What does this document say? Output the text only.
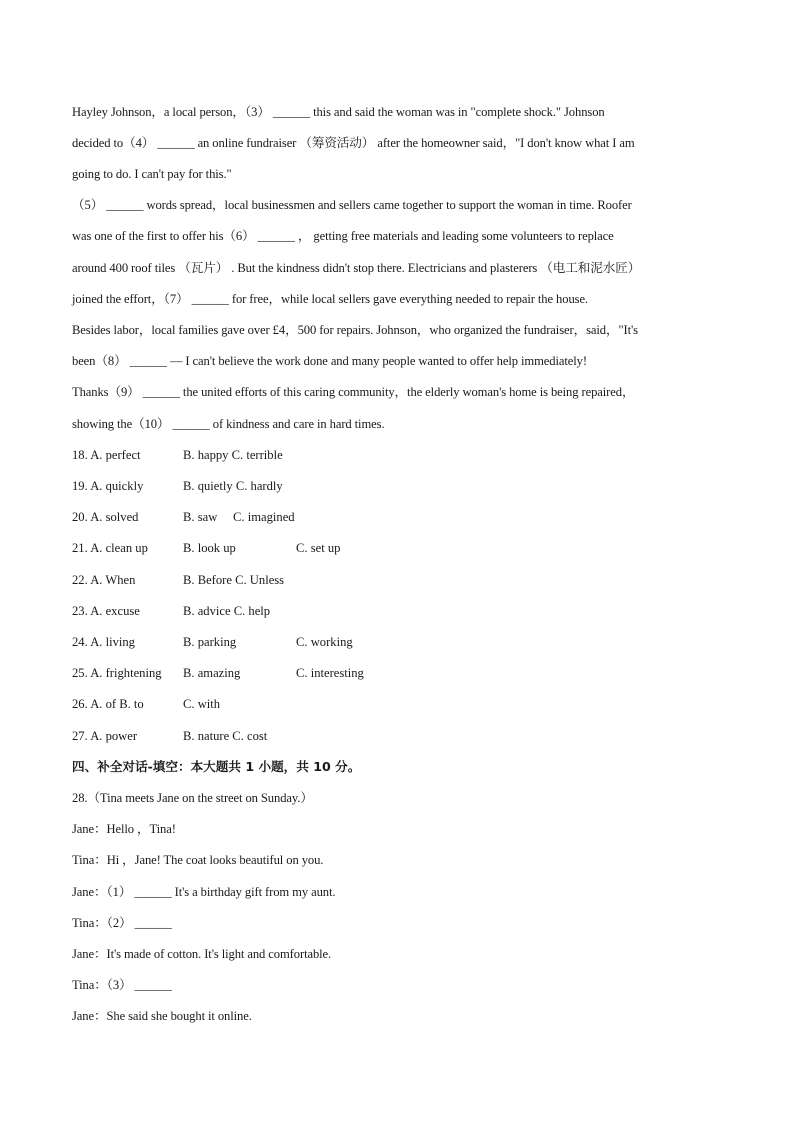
Hayley Johnson，a local person，（3） ______ this and said the woman was in "complete shock." Johnson
decided to（4） ______ an online fundraiser （筹资活动） after the homeowner said，"I don't know what I am
going to do. I can't pay for this."
（5） ______ words spread，local businessmen and sellers came together to support the woman in time. Roofer
was one of the first to offer his（6） ______ ， getting free materials and leading some volunteers to replace
around 400 roof tiles （瓦片） . But the kindness didn't stop there. Electricians and plasterers （电工和泥水匠）
joined the effort，（7） ______ for free，while local sellers gave everything needed to repair the house.
Besides labor，local families gave over £4，500 for repairs. Johnson，who organized the fundraiser，said，"It's
been（8） ______ — I can't believe the work done and many people wanted to offer help immediately!
Thanks（9） ______ the united efforts of this caring community，the elderly woman's home is being repaired，
showing the（10） ______ of kindness and care in hard times.
18. A. perfect	B. happy C. terrible
19. A. quickly	B. quietly C. hardly
20. A. solved	B. saw     C. imagined
21. A. clean up	B. look up	C. set up
22. A. When	B. Before C. Unless
23. A. excuse	B. advice C. help
24. A. living	B. parking	C. working
25. A. frightening B. amazing	C. interesting
26. A. of B. to	C. with
27. A. power	B. nature C. cost
四、补全对话-填空：本大题共 1 小题，共 10 分。
28.（Tina meets Jane on the street on Sunday.）
Jane：Hello ，Tina!
Tina：Hi ，Jane! The coat looks beautiful on you.
Jane：（1） ______ It's a birthday gift from my aunt.
Tina：（2） ______
Jane：It's made of cotton. It's light and comfortable.
Tina：（3） ______
Jane：She said she bought it online.
